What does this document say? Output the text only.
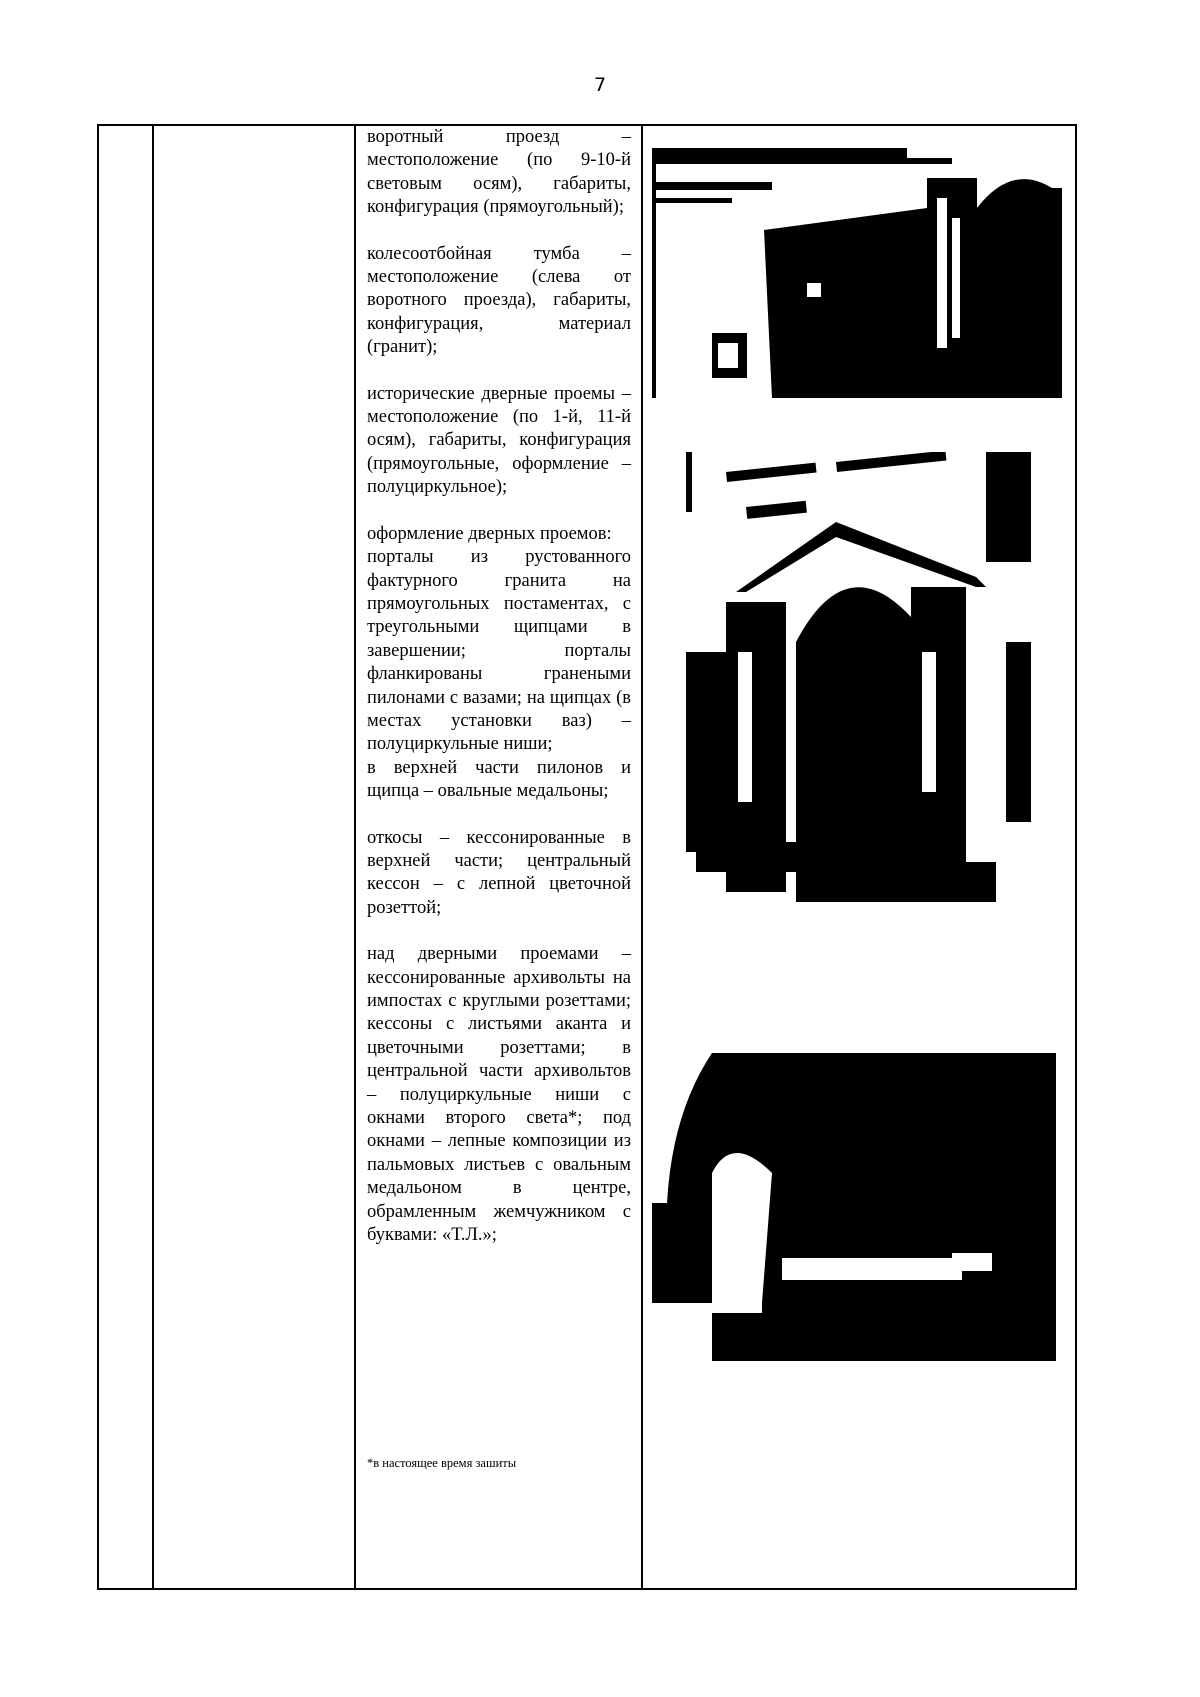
7

воротный проезд – местоположение (по 9-10-й световым осям), габариты, конфигурация (прямоугольный);

колесоотбойная тумба – местоположение (слева от воротного проезда), габариты, конфигурация, материал (гранит);

исторические дверные проемы – местоположение (по 1-й, 11-й осям), габариты, конфигурация (прямоугольные, оформление – полуциркульное);

оформление дверных проемов:
порталы из рустованного фактурного гранита на прямоугольных постаментах, с треугольными щипцами в завершении; порталы фланкированы гранеными пилонами с вазами; на щипцах (в местах установки ваз) – полуциркульные ниши;
в верхней части пилонов и щипца – овальные медальоны;

откосы – кессонированные в верхней части; центральный кессон – с лепной цветочной розеттой;

над дверными проемами – кессонированные архивольты на импостах с круглыми розеттами; кессоны с листьями аканта и цветочными розеттами; в центральной части архивольтов – полуциркульные ниши с окнами второго света*; под окнами – лепные композиции из пальмовых листьев с овальным медальоном в центре, обрамленным жемчужником с буквами: «Т.Л.»;

*в настоящее время зашиты
